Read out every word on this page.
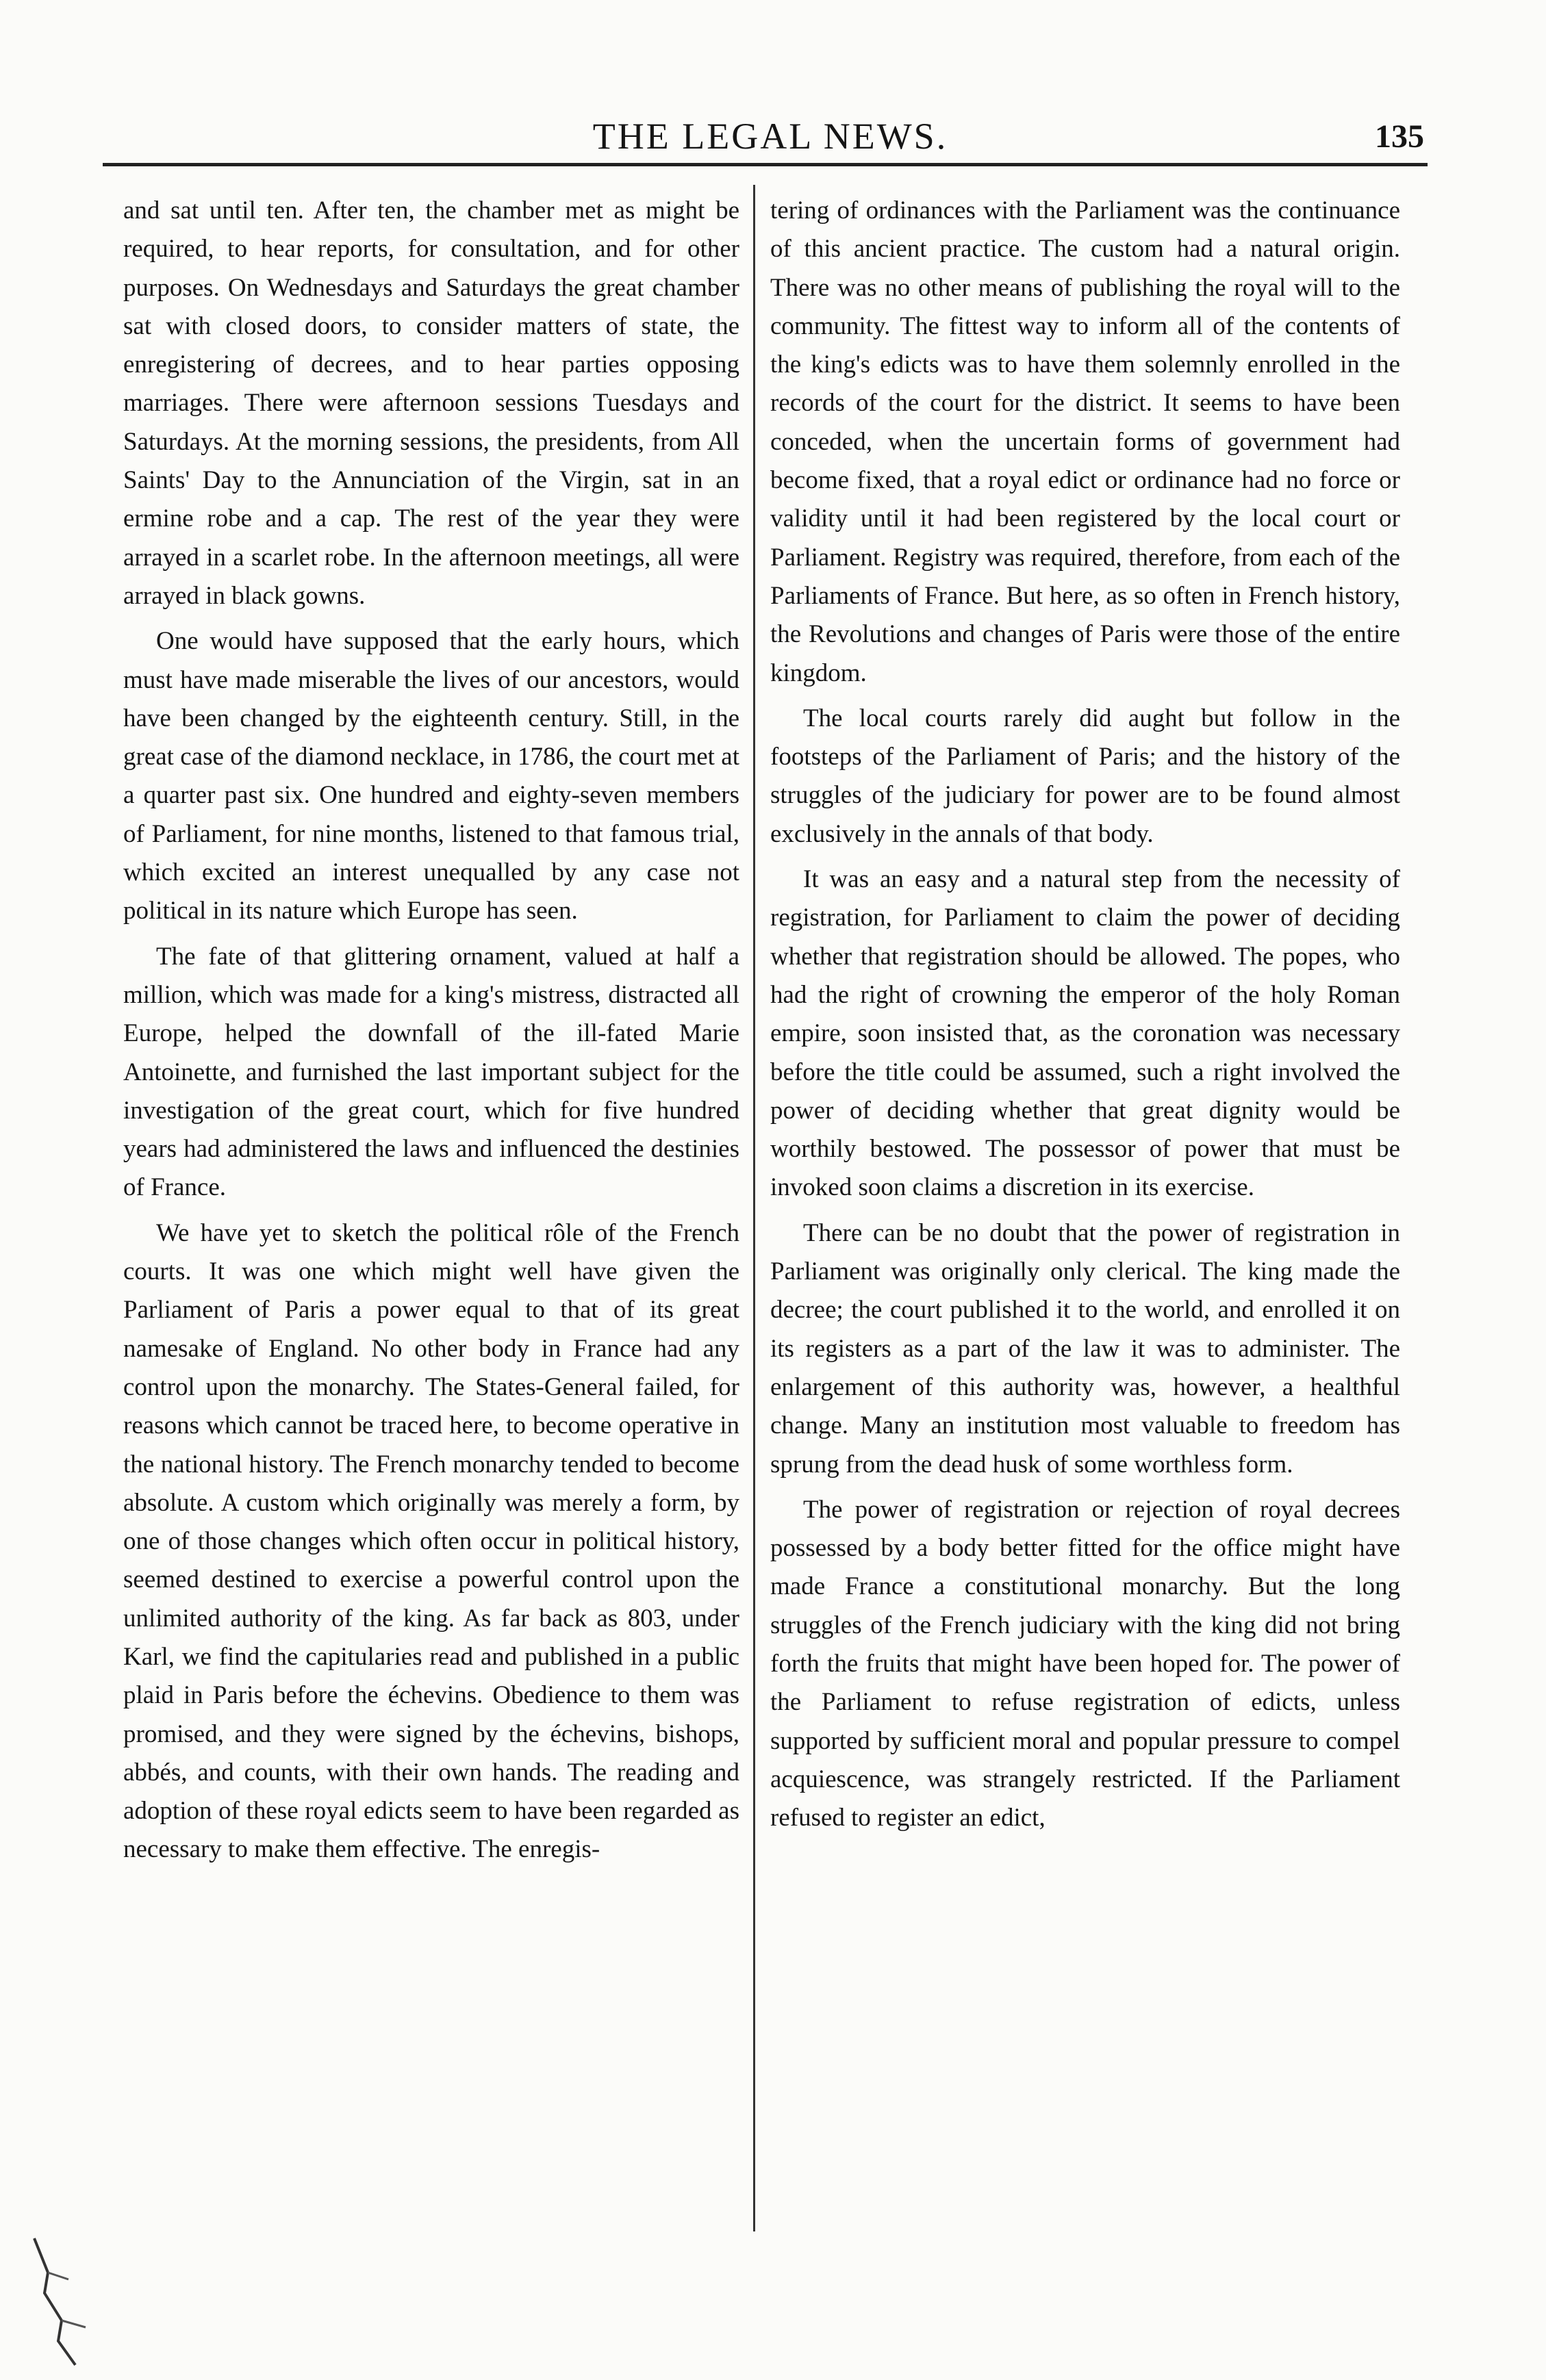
THE LEGAL NEWS.	135

and sat until ten. After ten, the chamber met as might be required, to hear reports, for consultation, and for other purposes. On Wednesdays and Saturdays the great chamber sat with closed doors, to consider matters of state, the enregistering of decrees, and to hear parties opposing marriages. There were afternoon sessions Tuesdays and Saturdays. At the morning sessions, the presidents, from All Saints' Day to the Annunciation of the Virgin, sat in an ermine robe and a cap. The rest of the year they were arrayed in a scarlet robe. In the afternoon meetings, all were arrayed in black gowns.

One would have supposed that the early hours, which must have made miserable the lives of our ancestors, would have been changed by the eighteenth century. Still, in the great case of the diamond necklace, in 1786, the court met at a quarter past six. One hundred and eighty-seven members of Parliament, for nine months, listened to that famous trial, which excited an interest unequalled by any case not political in its nature which Europe has seen.

The fate of that glittering ornament, valued at half a million, which was made for a king's mistress, distracted all Europe, helped the downfall of the ill-fated Marie Antoinette, and furnished the last important subject for the investigation of the great court, which for five hundred years had administered the laws and influenced the destinies of France.

We have yet to sketch the political rôle of the French courts. It was one which might well have given the Parliament of Paris a power equal to that of its great namesake of England. No other body in France had any control upon the monarchy. The States-General failed, for reasons which cannot be traced here, to become operative in the national history. The French monarchy tended to become absolute. A custom which originally was merely a form, by one of those changes which often occur in political history, seemed destined to exercise a powerful control upon the unlimited authority of the king. As far back as 803, under Karl, we find the capitularies read and published in a public plaid in Paris before the échevins. Obedience to them was promised, and they were signed by the échevins, bishops, abbés, and counts, with their own hands. The reading and adoption of these royal edicts seem to have been regarded as necessary to make them effective. The enregis-

tering of ordinances with the Parliament was the continuance of this ancient practice. The custom had a natural origin. There was no other means of publishing the royal will to the community. The fittest way to inform all of the contents of the king's edicts was to have them solemnly enrolled in the records of the court for the district. It seems to have been conceded, when the uncertain forms of government had become fixed, that a royal edict or ordinance had no force or validity until it had been registered by the local court or Parliament. Registry was required, therefore, from each of the Parliaments of France. But here, as so often in French history, the Revolutions and changes of Paris were those of the entire kingdom.

The local courts rarely did aught but follow in the footsteps of the Parliament of Paris; and the history of the struggles of the judiciary for power are to be found almost exclusively in the annals of that body.

It was an easy and a natural step from the necessity of registration, for Parliament to claim the power of deciding whether that registration should be allowed. The popes, who had the right of crowning the emperor of the holy Roman empire, soon insisted that, as the coronation was necessary before the title could be assumed, such a right involved the power of deciding whether that great dignity would be worthily bestowed. The possessor of power that must be invoked soon claims a discretion in its exercise.

There can be no doubt that the power of registration in Parliament was originally only clerical. The king made the decree; the court published it to the world, and enrolled it on its registers as a part of the law it was to administer. The enlargement of this authority was, however, a healthful change. Many an institution most valuable to freedom has sprung from the dead husk of some worthless form.

The power of registration or rejection of royal decrees possessed by a body better fitted for the office might have made France a constitutional monarchy. But the long struggles of the French judiciary with the king did not bring forth the fruits that might have been hoped for. The power of the Parliament to refuse registration of edicts, unless supported by sufficient moral and popular pressure to compel acquiescence, was strangely restricted. If the Parliament refused to register an edict,
